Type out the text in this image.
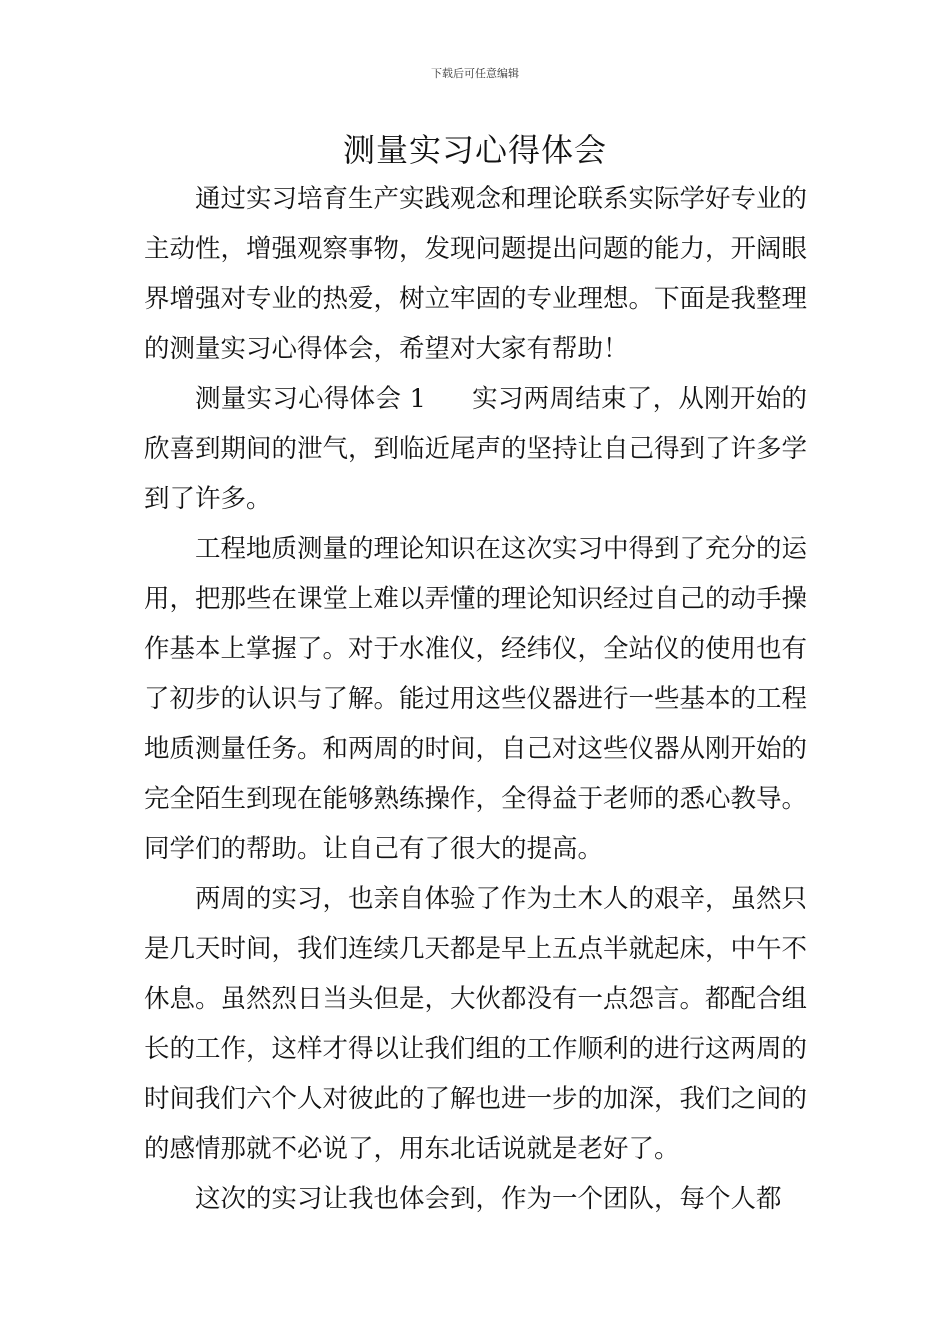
下载后可任意编辑
测量实习心得体会

通过实习培育生产实践观念和理论联系实际学好专业的主动性，增强观察事物，发现问题提出问题的能力，开阔眼界增强对专业的热爱，树立牢固的专业理想。下面是我整理的测量实习心得体会，希望对大家有帮助！

测量实习心得体会 1 实习两周结束了，从刚开始的欣喜到期间的泄气，到临近尾声的坚持让自己得到了许多学到了许多。

工程地质测量的理论知识在这次实习中得到了充分的运用，把那些在课堂上难以弄懂的理论知识经过自己的动手操作基本上掌握了。对于水准仪，经纬仪，全站仪的使用也有了初步的认识与了解。能过用这些仪器进行一些基本的工程地质测量任务。和两周的时间，自己对这些仪器从刚开始的完全陌生到现在能够熟练操作，全得益于老师的悉心教导。同学们的帮助。让自己有了很大的提高。

两周的实习，也亲自体验了作为土木人的艰辛，虽然只是几天时间，我们连续几天都是早上五点半就起床，中午不休息。虽然烈日当头但是，大伙都没有一点怨言。都配合组长的工作，这样才得以让我们组的工作顺利的进行这两周的时间我们六个人对彼此的了解也进一步的加深，我们之间的的感情那就不必说了，用东北话说就是老好了。

这次的实习让我也体会到，作为一个团队，每个人都
